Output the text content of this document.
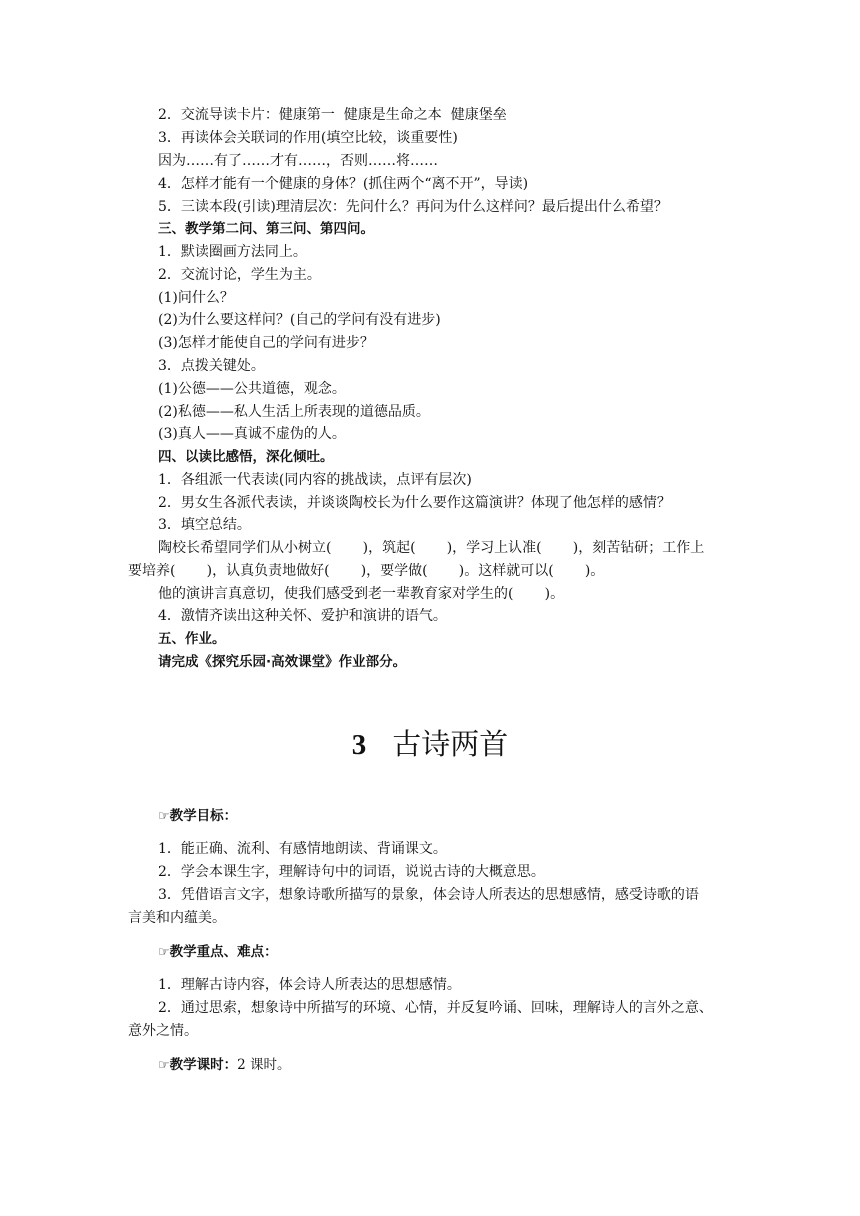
2．交流导读卡片：健康第一  健康是生命之本  健康堡垒
3．再读体会关联词的作用(填空比较，谈重要性)
因为……有了……才有……，否则……将……
4．怎样才能有一个健康的身体？(抓住两个“离不开”，导读)
5．三读本段(引读)理清层次：先问什么？再问为什么这样问？最后提出什么希望？
三、教学第二问、第三问、第四问。
1．默读圈画方法同上。
2．交流讨论，学生为主。
(1)问什么？
(2)为什么要这样问？(自己的学问有没有进步)
(3)怎样才能使自己的学问有进步？
3．点拨关键处。
(1)公德——公共道德，观念。
(2)私德——私人生活上所表现的道德品质。
(3)真人——真诚不虚伪的人。
四、以读比感悟，深化倾吐。
1．各组派一代表读(同内容的挑战读，点评有层次)
2．男女生各派代表读，并谈谈陶校长为什么要作这篇演讲？体现了他怎样的感情？
3．填空总结。
陶校长希望同学们从小树立(       )，筑起(       )，学习上认准(       )，刻苦钻研；工作上
要培养(       )，认真负责地做好(       )，要学做(       )。这样就可以(       )。
他的演讲言真意切，使我们感受到老一辈教育家对学生的(       )。
4．激情齐读出这种关怀、爱护和演讲的语气。
五、作业。
请完成《探究乐园·高效课堂》作业部分。
3 古诗两首
☞教学目标：
1．能正确、流利、有感情地朗读、背诵课文。
2．学会本课生字，理解诗句中的词语，说说古诗的大概意思。
3．凭借语言文字，想象诗歌所描写的景象，体会诗人所表达的思想感情，感受诗歌的语
言美和内蕴美。
☞教学重点、难点：
1．理解古诗内容，体会诗人所表达的思想感情。
2．通过思索，想象诗中所描写的环境、心情，并反复吟诵、回味，理解诗人的言外之意、
意外之情。
☞教学课时：2 课时。
